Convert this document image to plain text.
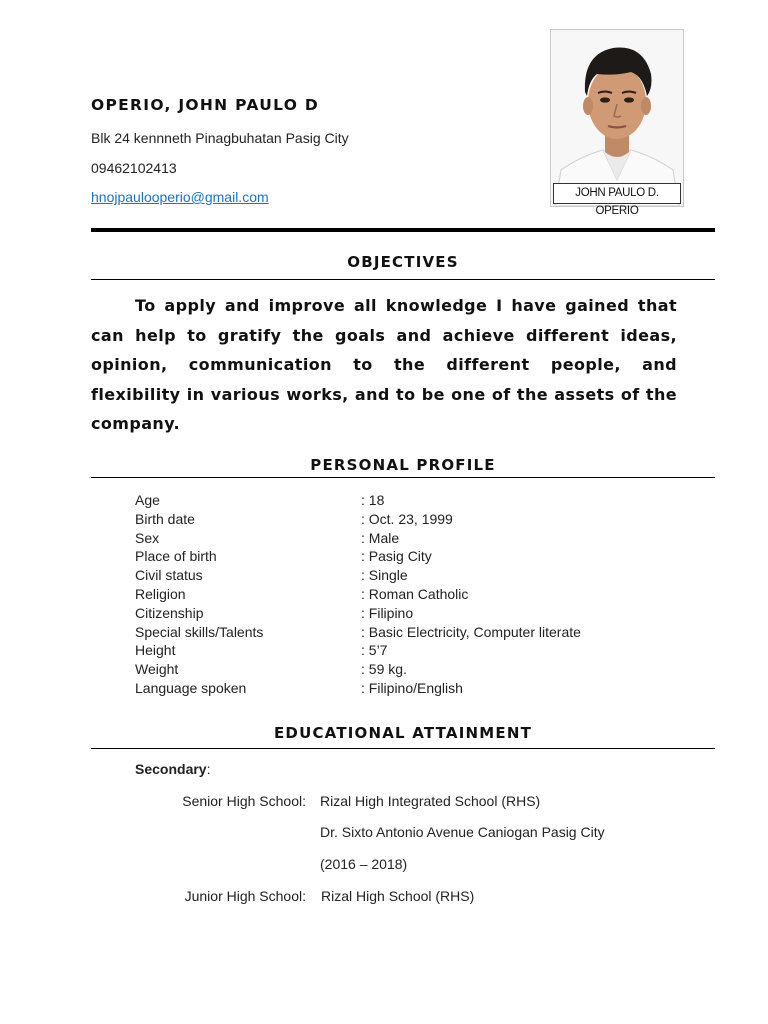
OPERIO, JOHN PAULO D
Blk 24 kennneth Pinagbuhatan Pasig City
09462102413
hnojpaulooperio@gmail.com	JOHN PAULO D. OPERIO
OBJECTIVES
To apply and improve all knowledge I have gained that can help to gratify the goals and achieve different ideas, opinion, communication to the different people, and flexibility in various works, and to be one of the assets of the company.
PERSONAL PROFILE
Age	: 18
Birth date	: Oct. 23, 1999
Sex	: Male
Place of birth	: Pasig City
Civil status	: Single
Religion	: Roman Catholic
Citizenship	: Filipino
Special skills/Talents	: Basic Electricity, Computer literate
Height	: 5’7
Weight	: 59 kg.
Language spoken	: Filipino/English
EDUCATIONAL ATTAINMENT
Secondary:
Senior High School: Rizal High Integrated School (RHS)
Dr. Sixto Antonio Avenue Caniogan Pasig City
(2016 – 2018)
Junior High School: Rizal High School (RHS)
